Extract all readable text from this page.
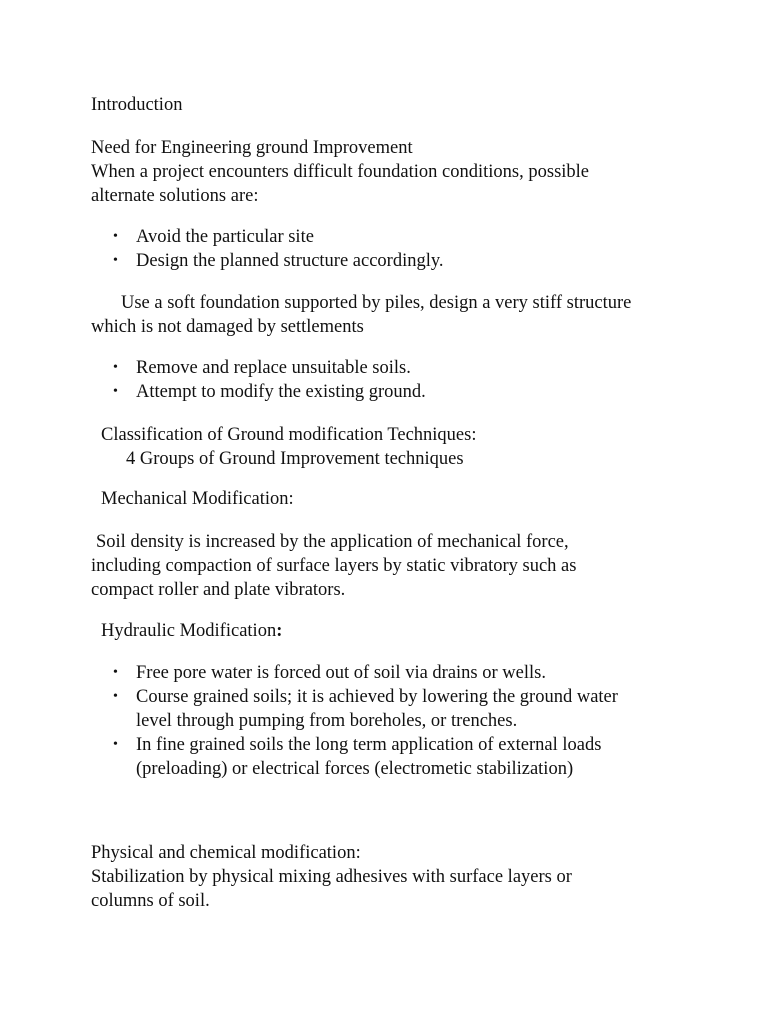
Introduction
Need for Engineering ground Improvement
When a project encounters difficult foundation conditions, possible
alternate solutions are:
• Avoid the particular site
• Design the planned structure accordingly.
Use a soft foundation supported by piles, design a very stiff structure
which is not damaged by settlements
• Remove and replace unsuitable soils.
• Attempt to modify the existing ground.
Classification of Ground modification Techniques:
4 Groups of Ground Improvement techniques
Mechanical Modification:
Soil density is increased by the application of mechanical force,
including compaction of surface layers by static vibratory such as
compact roller and plate vibrators.
Hydraulic Modification:
• Free pore water is forced out of soil via drains or wells.
• Course grained soils; it is achieved by lowering the ground water
level through pumping from boreholes, or trenches.
• In fine grained soils the long term application of external loads
(preloading) or electrical forces (electrometic stabilization)
Physical and chemical modification:
Stabilization by physical mixing adhesives with surface layers or
columns of soil.
